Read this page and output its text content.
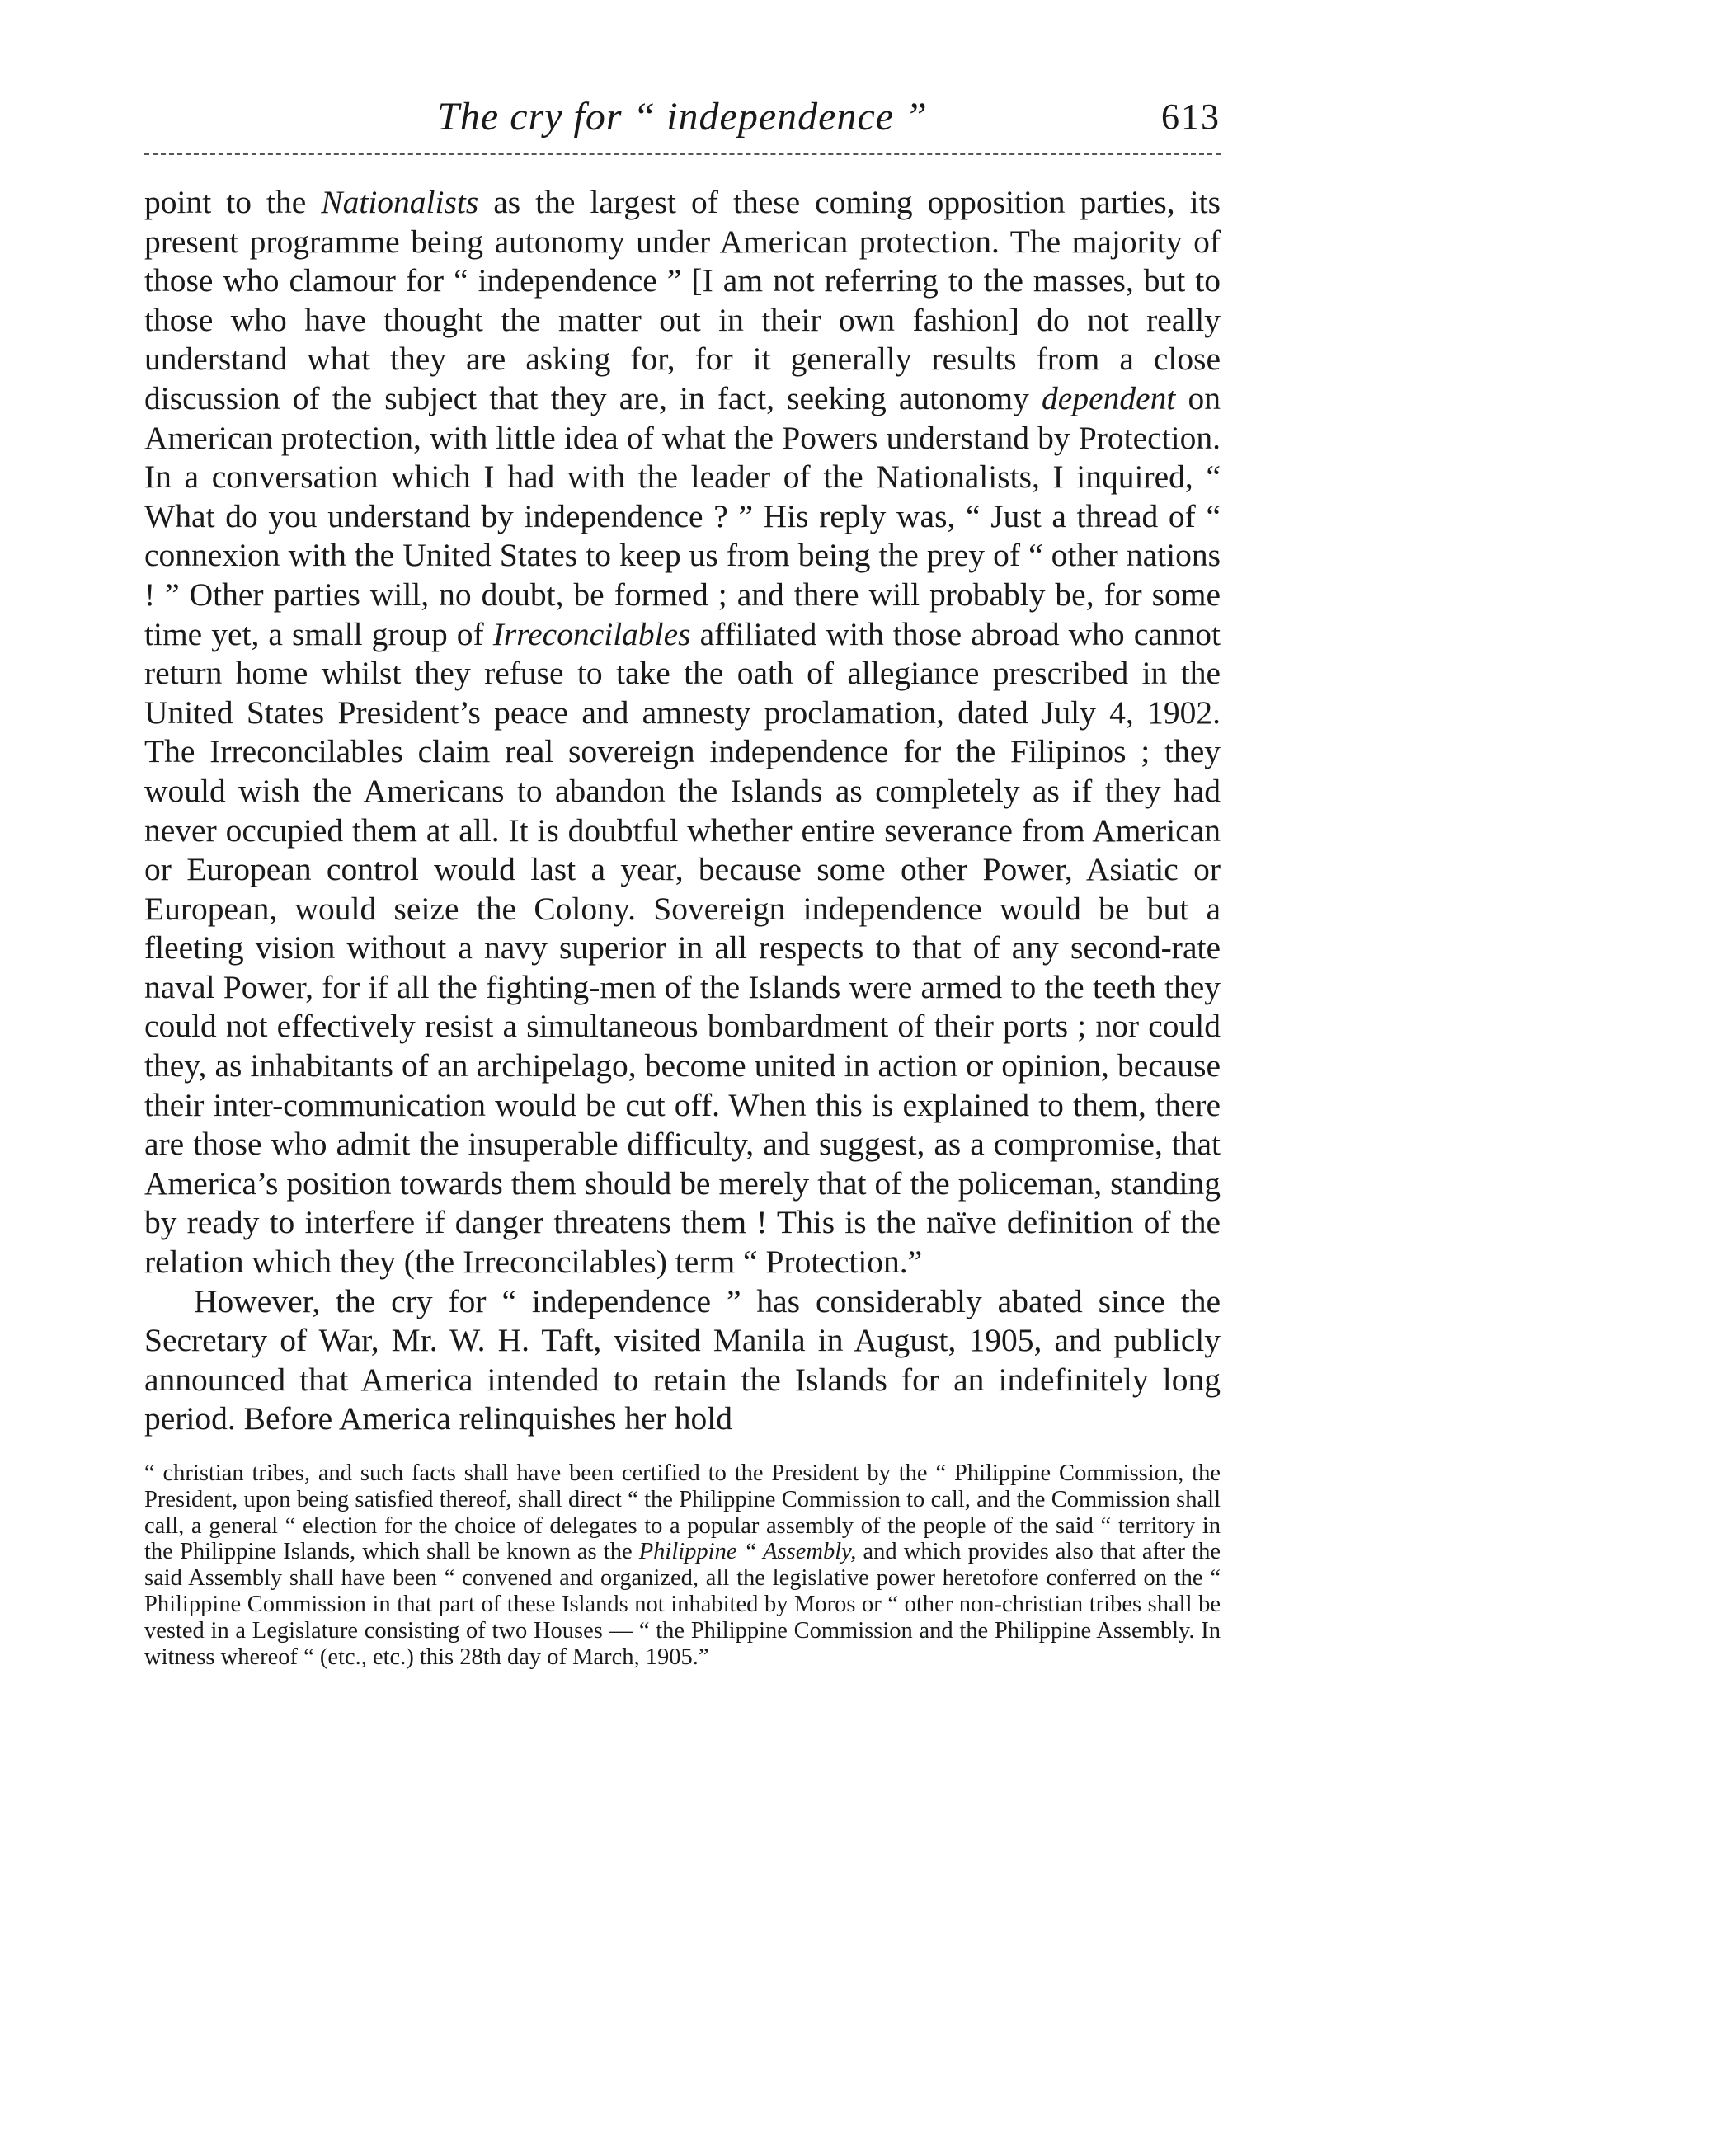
The cry for “ independence ”	613

point to the Nationalists as the largest of these coming opposition parties, its present programme being autonomy under American protection. The majority of those who clamour for “ independence ” [I am not referring to the masses, but to those who have thought the matter out in their own fashion] do not really understand what they are asking for, for it generally results from a close discussion of the subject that they are, in fact, seeking autonomy dependent on American protection, with little idea of what the Powers understand by Protection. In a conversation which I had with the leader of the Nationalists, I inquired, “ What do you understand by independence ? ” His reply was, “ Just a thread of “ connexion with the United States to keep us from being the prey of “ other nations ! ” Other parties will, no doubt, be formed ; and there will probably be, for some time yet, a small group of Irreconcilables affiliated with those abroad who cannot return home whilst they refuse to take the oath of allegiance prescribed in the United States President’s peace and amnesty proclamation, dated July 4, 1902. The Irreconcilables claim real sovereign independence for the Filipinos ; they would wish the Americans to abandon the Islands as completely as if they had never occupied them at all. It is doubtful whether entire severance from American or European control would last a year, because some other Power, Asiatic or European, would seize the Colony. Sovereign independence would be but a fleeting vision without a navy superior in all respects to that of any second-rate naval Power, for if all the fighting-men of the Islands were armed to the teeth they could not effectively resist a simultaneous bombardment of their ports ; nor could they, as inhabitants of an archipelago, become united in action or opinion, because their inter-communication would be cut off. When this is explained to them, there are those who admit the insuperable difficulty, and suggest, as a compromise, that America’s position towards them should be merely that of the policeman, standing by ready to interfere if danger threatens them ! This is the naïve definition of the relation which they (the Irreconcilables) term “ Protection.”

However, the cry for “ independence ” has considerably abated since the Secretary of War, Mr. W. H. Taft, visited Manila in August, 1905, and publicly announced that America intended to retain the Islands for an indefinitely long period. Before America relinquishes her hold

“ christian tribes, and such facts shall have been certified to the President by the “ Philippine Commission, the President, upon being satisfied thereof, shall direct “ the Philippine Commission to call, and the Commission shall call, a general “ election for the choice of delegates to a popular assembly of the people of the said “ territory in the Philippine Islands, which shall be known as the Philippine “ Assembly, and which provides also that after the said Assembly shall have been “ convened and organized, all the legislative power heretofore conferred on the “ Philippine Commission in that part of these Islands not inhabited by Moros or “ other non-christian tribes shall be vested in a Legislature consisting of two Houses — “ the Philippine Commission and the Philippine Assembly. In witness whereof “ (etc., etc.) this 28th day of March, 1905.”
